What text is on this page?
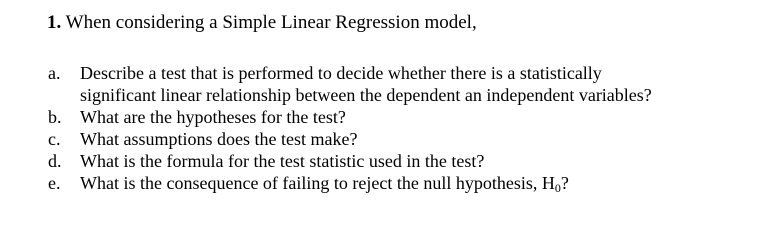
1. When considering a Simple Linear Regression model,
a.	Describe a test that is performed to decide whether there is a statistically
significant linear relationship between the dependent an independent variables?
b.	What are the hypotheses for the test?
c.	What assumptions does the test make?
d.	What is the formula for the test statistic used in the test?
e.	What is the consequence of failing to reject the null hypothesis, $H_0$?
